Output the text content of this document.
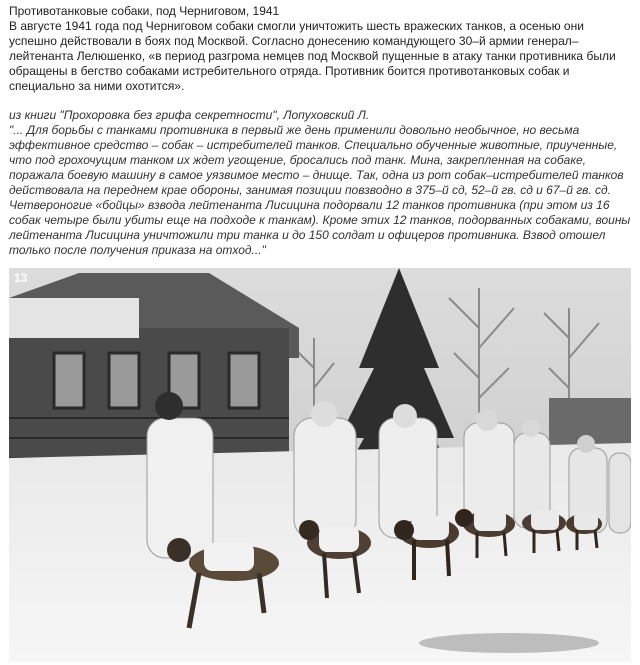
Противотанковые собаки, под Черниговом, 1941

В августе 1941 года под Черниговом собаки смогли уничтожить шесть вражеских танков, а осенью они успешно действовали в боях под Москвой. Согласно донесению командующего 30–й армии генерал–лейтенанта Лелюшенко, «в период разгрома немцев под Москвой пущенные в атаку танки противника были обращены в бегство собаками истребительного отряда. Противник боится противотанковых собак и специально за ними охотится».

из книги "Прохоровка без грифа секретности", Лопуховский Л.

"... Для борьбы с танками противника в первый же день применили довольно необычное, но весьма эффективное средство – собак – истребителей танков. Специально обученные животные, приученные, что под грохочущим танком их ждет угощение, бросались под танк. Мина, закрепленная на собаке, поражала боевую машину в самое уязвимое место – днище. Так, одна из рот собак–истребителей танков действовала на переднем крае обороны, занимая позиции повзводно в 375–й сд, 52–й гв. сд и 67–й гв. сд. Четвероногие «бойцы» взвода лейтенанта Лисицина подорвали 12 танков противника (при этом из 16 собак четыре были убиты еще на подходе к танкам). Кроме этих 12 танков, подорванных собаками, воины лейтенанта Лисицина уничтожили три танка и до 150 солдат и офицеров противника. Взвод отошел только после получения приказа на отход..."

13
